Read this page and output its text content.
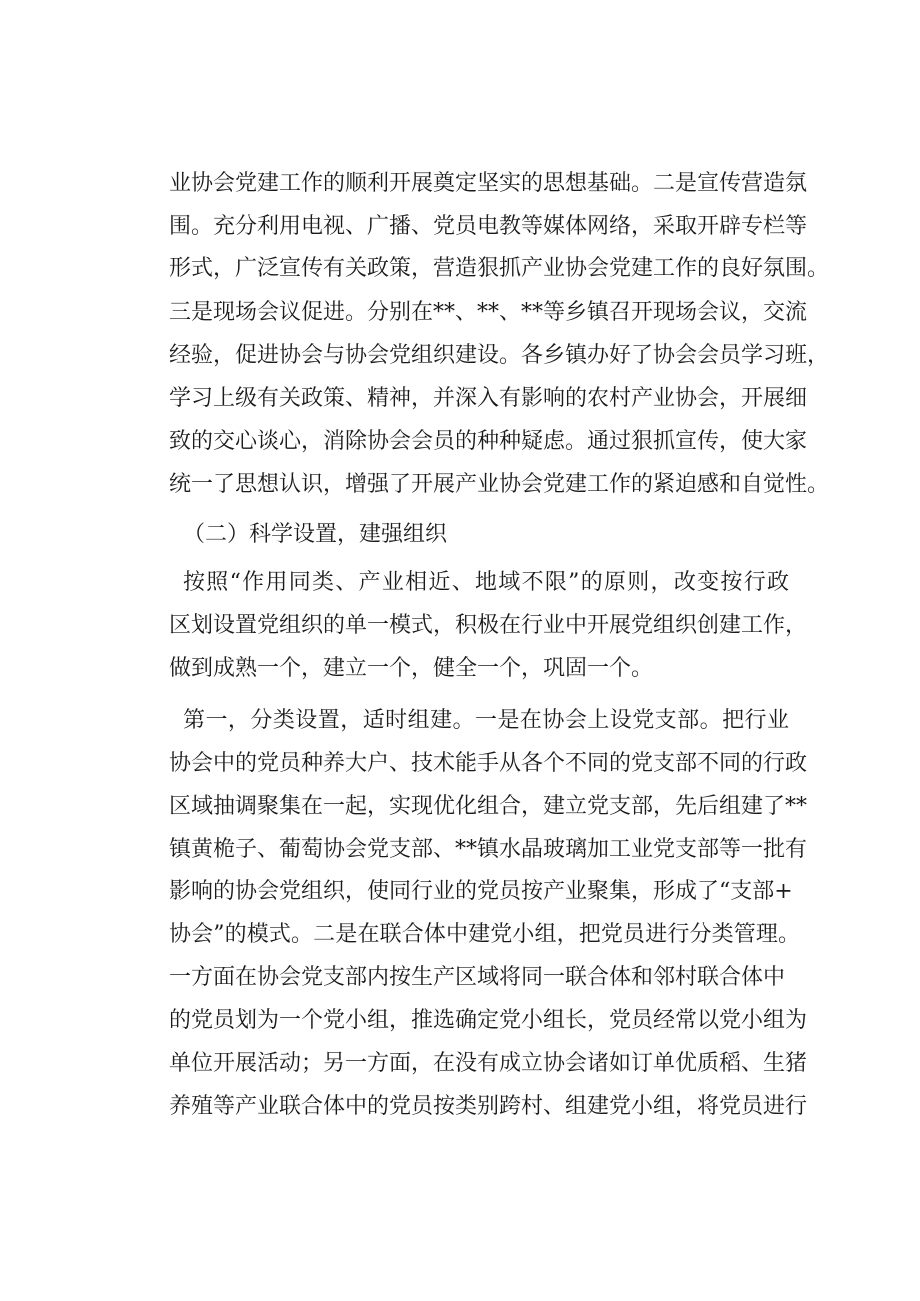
业协会党建工作的顺利开展奠定坚实的思想基础。二是宣传营造氛
围。充分利用电视、广播、党员电教等媒体网络，采取开辟专栏等
形式，广泛宣传有关政策，营造狠抓产业协会党建工作的良好氛围。
三是现场会议促进。分别在**、**、**等乡镇召开现场会议，交流
经验，促进协会与协会党组织建设。各乡镇办好了协会会员学习班，
学习上级有关政策、精神，并深入有影响的农村产业协会，开展细
致的交心谈心，消除协会会员的种种疑虑。通过狠抓宣传，使大家
统一了思想认识，增强了开展产业协会党建工作的紧迫感和自觉性。
（二）科学设置，建强组织
按照“作用同类、产业相近、地域不限”的原则，改变按行政
区划设置党组织的单一模式，积极在行业中开展党组织创建工作，
做到成熟一个，建立一个，健全一个，巩固一个。
第一，分类设置，适时组建。一是在协会上设党支部。把行业
协会中的党员种养大户、技术能手从各个不同的党支部不同的行政
区域抽调聚集在一起，实现优化组合，建立党支部，先后组建了**
镇黄桅子、葡萄协会党支部、**镇水晶玻璃加工业党支部等一批有
影响的协会党组织，使同行业的党员按产业聚集，形成了“支部+
协会”的模式。二是在联合体中建党小组，把党员进行分类管理。
一方面在协会党支部内按生产区域将同一联合体和邻村联合体中
的党员划为一个党小组，推选确定党小组长，党员经常以党小组为
单位开展活动；另一方面，在没有成立协会诸如订单优质稻、生猪
养殖等产业联合体中的党员按类别跨村、组建党小组，将党员进行
